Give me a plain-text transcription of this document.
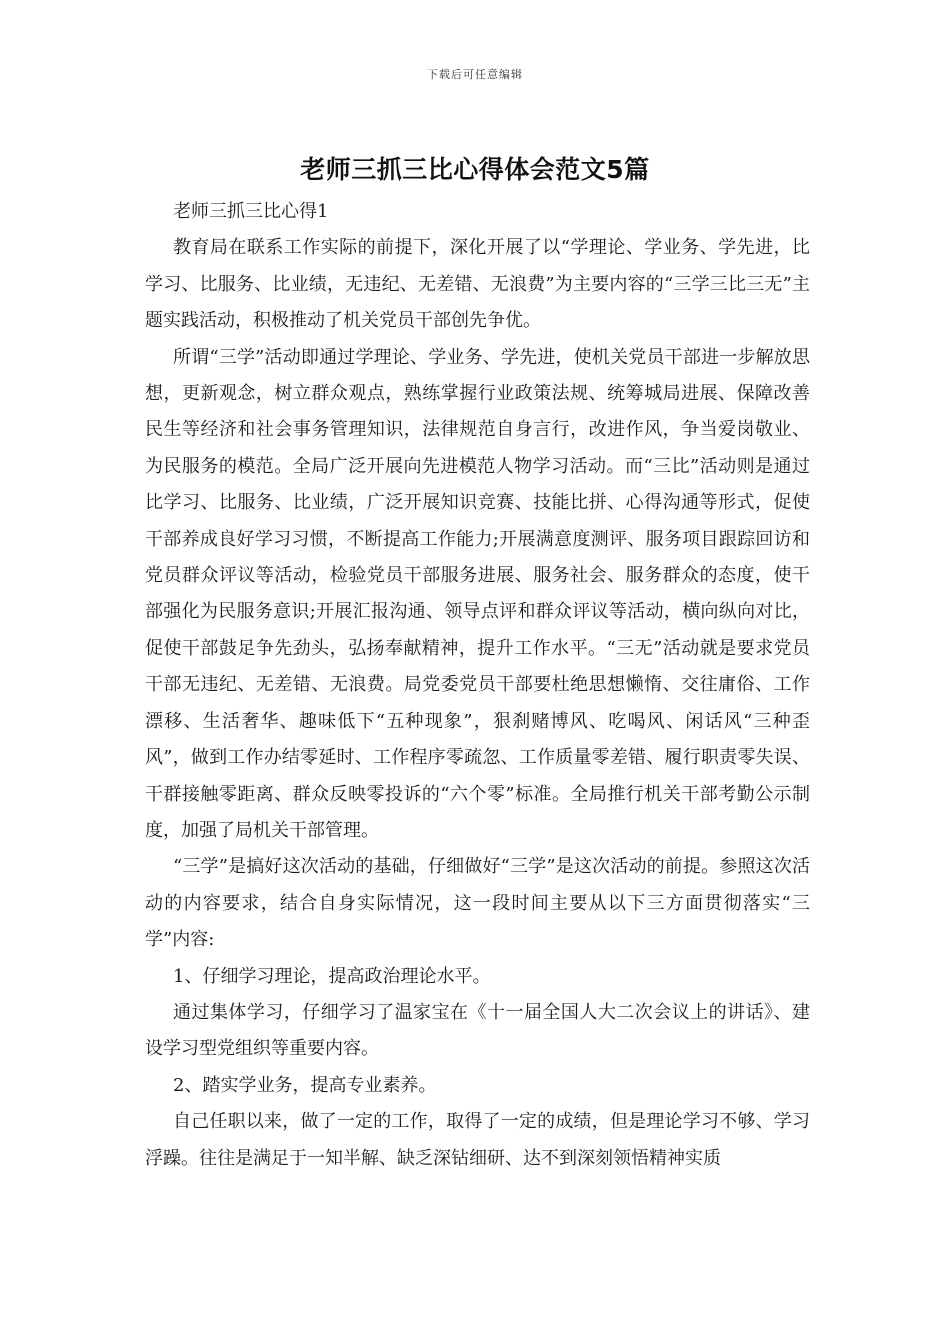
下载后可任意编辑
老师三抓三比心得体会范文5篇

老师三抓三比心得1

教育局在联系工作实际的前提下，深化开展了以“学理论、学业务、学先进，比学习、比服务、比业绩，无违纪、无差错、无浪费”为主要内容的“三学三比三无”主题实践活动，积极推动了机关党员干部创先争优。

所谓“三学”活动即通过学理论、学业务、学先进，使机关党员干部进一步解放思想，更新观念，树立群众观点，熟练掌握行业政策法规、统筹城局进展、保障改善民生等经济和社会事务管理知识，法律规范自身言行，改进作风，争当爱岗敬业、为民服务的模范。全局广泛开展向先进模范人物学习活动。而“三比”活动则是通过比学习、比服务、比业绩，广泛开展知识竞赛、技能比拼、心得沟通等形式，促使干部养成良好学习习惯，不断提高工作能力;开展满意度测评、服务项目跟踪回访和党员群众评议等活动，检验党员干部服务进展、服务社会、服务群众的态度，使干部强化为民服务意识;开展汇报沟通、领导点评和群众评议等活动，横向纵向对比，促使干部鼓足争先劲头，弘扬奉献精神，提升工作水平。“三无”活动就是要求党员干部无违纪、无差错、无浪费。局党委党员干部要杜绝思想懒惰、交往庸俗、工作漂移、生活奢华、趣味低下“五种现象”，狠刹赌博风、吃喝风、闲话风“三种歪风”，做到工作办结零延时、工作程序零疏忽、工作质量零差错、履行职责零失误、干群接触零距离、群众反映零投诉的“六个零”标准。全局推行机关干部考勤公示制度，加强了局机关干部管理。

“三学”是搞好这次活动的基础，仔细做好“三学”是这次活动的前提。参照这次活动的内容要求，结合自身实际情况，这一段时间主要从以下三方面贯彻落实“三学”内容:

1、仔细学习理论，提高政治理论水平。

通过集体学习，仔细学习了温家宝在《十一届全国人大二次会议上的讲话》、建设学习型党组织等重要内容。

2、踏实学业务，提高专业素养。

自己任职以来，做了一定的工作，取得了一定的成绩，但是理论学习不够、学习浮躁。往往是满足于一知半解、缺乏深钻细研、达不到深刻领悟精神实质
